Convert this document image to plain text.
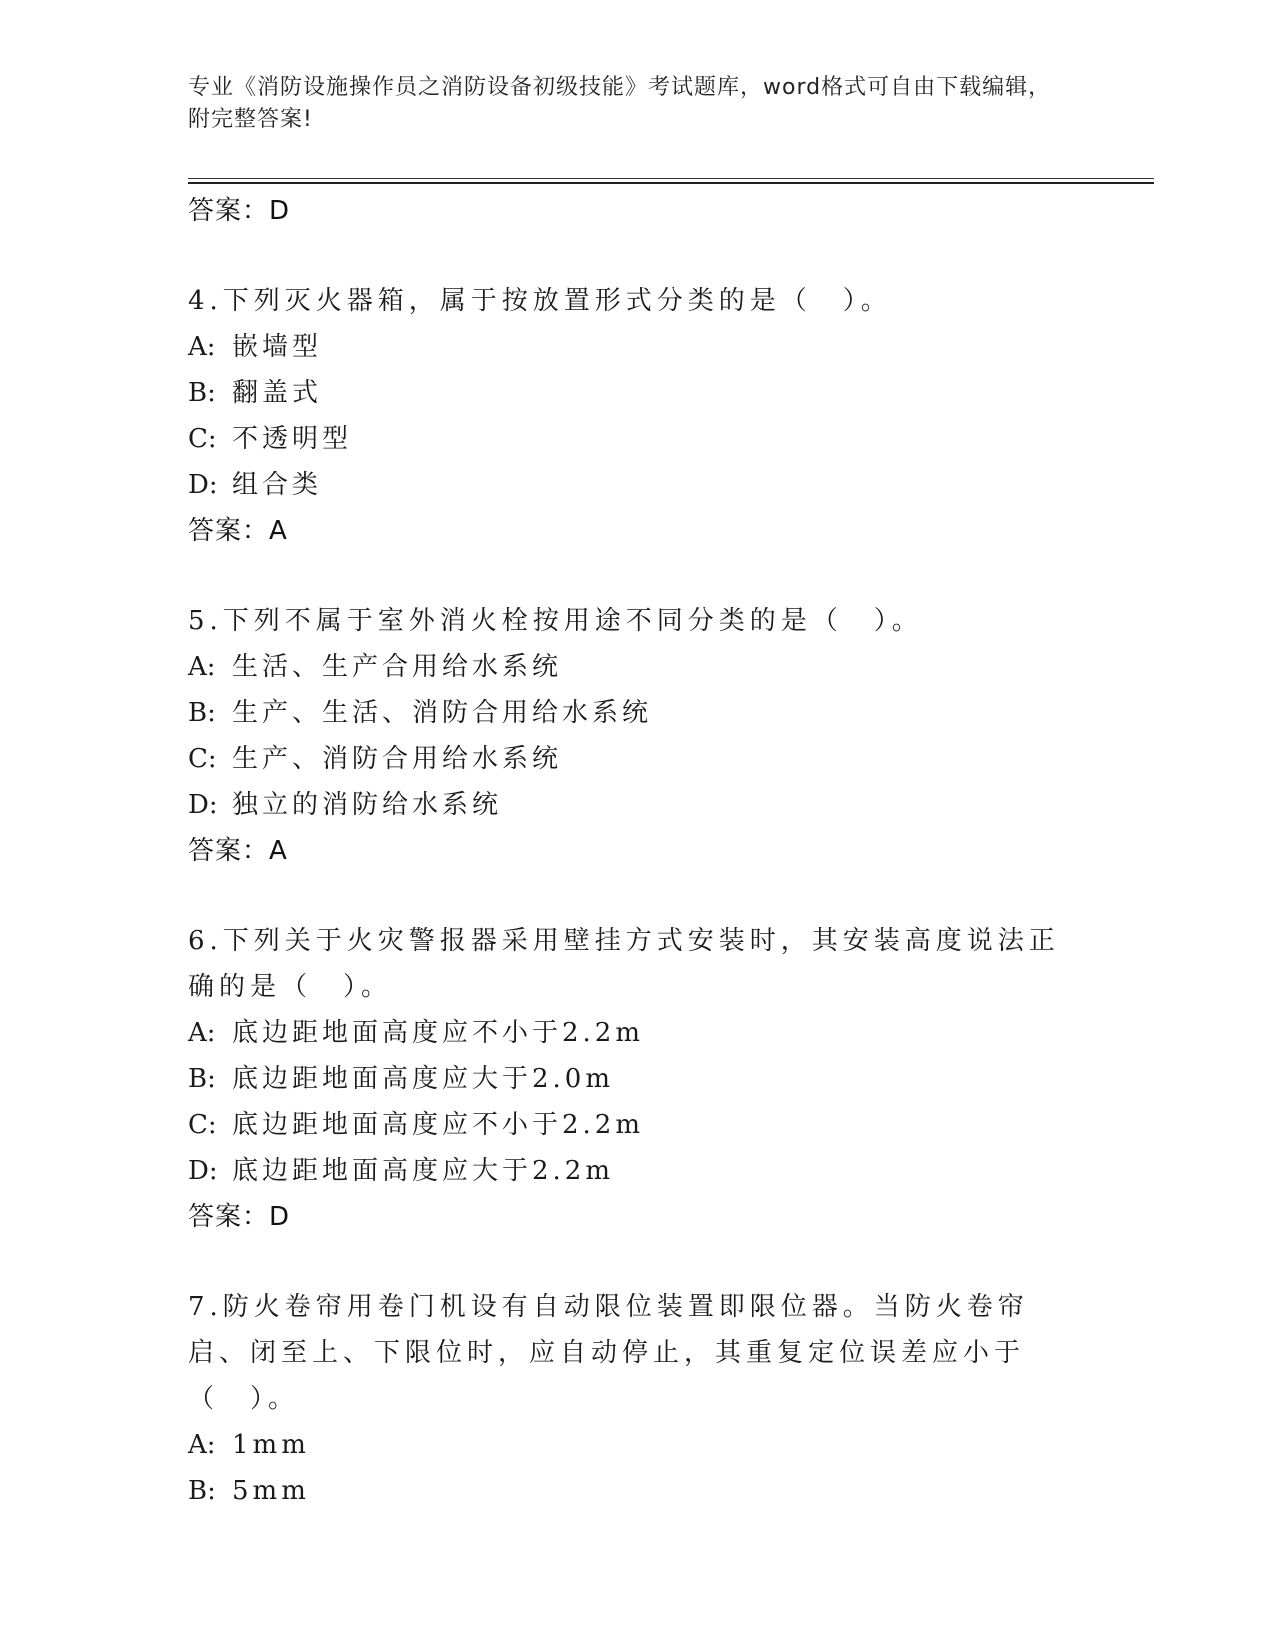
专业《消防设施操作员之消防设备初级技能》考试题库，word格式可自由下载编辑，附完整答案!
答案：D
4.下列灭火器箱，属于按放置形式分类的是（　）。
A: 嵌墙型
B: 翻盖式
C: 不透明型
D: 组合类
答案：A
5.下列不属于室外消火栓按用途不同分类的是（　）。
A: 生活、生产合用给水系统
B: 生产、生活、消防合用给水系统
C: 生产、消防合用给水系统
D: 独立的消防给水系统
答案：A
6.下列关于火灾警报器采用壁挂方式安装时，其安装高度说法正确的是（　）。
A: 底边距地面高度应不小于2.2m
B: 底边距地面高度应大于2.0m
C: 底边距地面高度应不小于2.2m
D: 底边距地面高度应大于2.2m
答案：D
7.防火卷帘用卷门机设有自动限位装置即限位器。当防火卷帘启、闭至上、下限位时，应自动停止，其重复定位误差应小于（　）。
A: 1mm
B: 5mm
